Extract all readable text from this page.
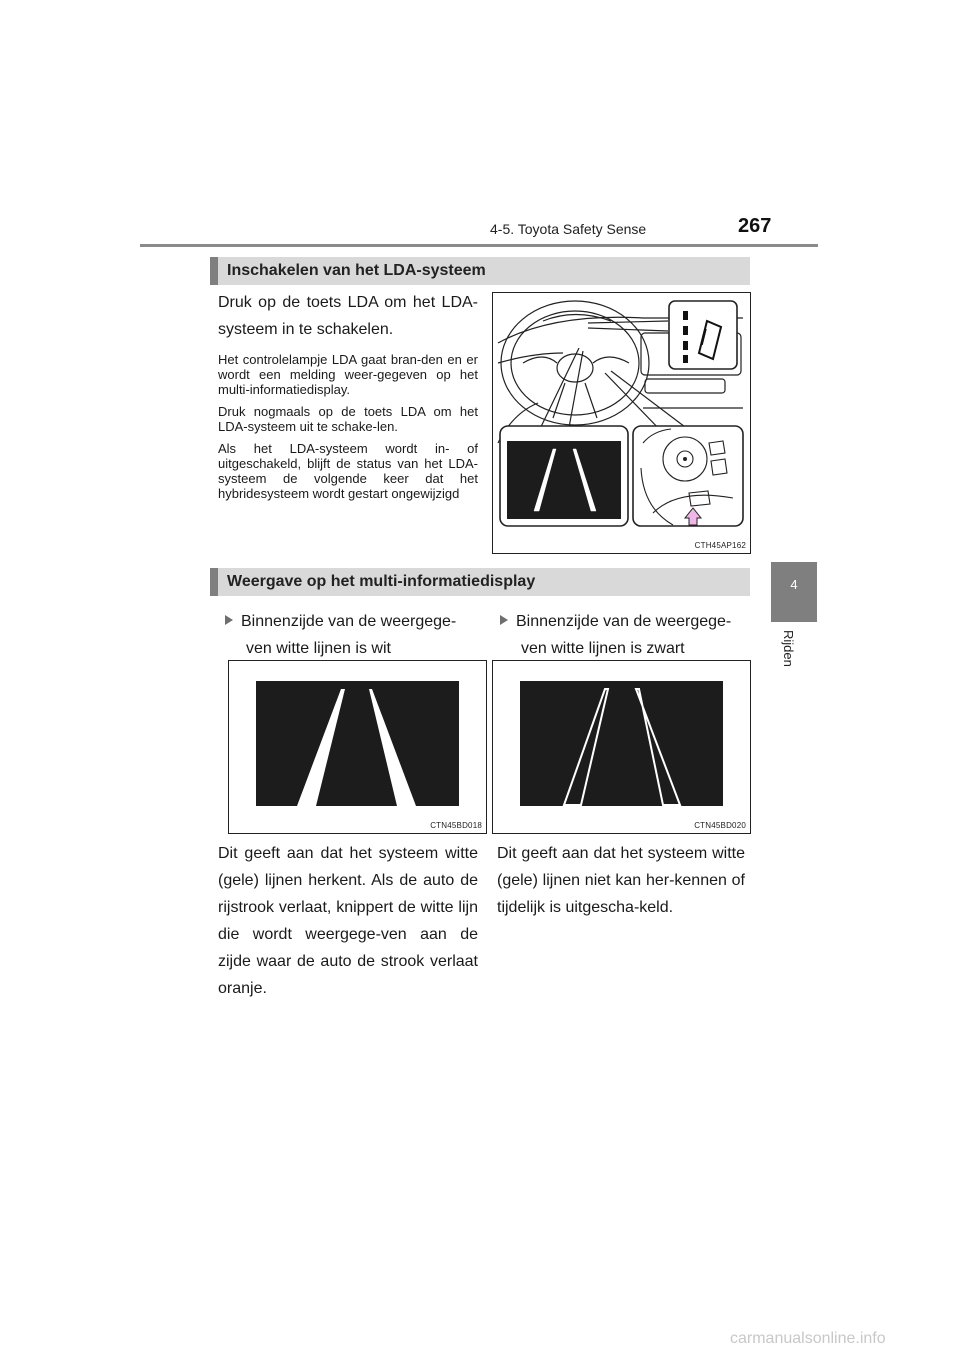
4-5. Toyota Safety Sense	267
4
Rijden
Inschakelen van het LDA-systeem
Druk op de toets LDA om het LDA-systeem in te schakelen.
Het controlelampje LDA gaat bran-den en er wordt een melding weer-gegeven op het multi-informatiedisplay.
Druk nogmaals op de toets LDA om het LDA-systeem uit te schake-len.
Als het LDA-systeem wordt in- of uitgeschakeld, blijft de status van het LDA-systeem de volgende keer dat het hybridesysteem wordt gestart ongewijzigd
CTH45AP162
Weergave op het multi-informatiedisplay
Binnenzijde van de weergege-
ven witte lijnen is wit
Binnenzijde van de weergege-
ven witte lijnen is zwart
CTN45BD018	CTN45BD020
Dit geeft aan dat het systeem witte (gele) lijnen herkent. Als de auto de rijstrook verlaat, knippert de witte lijn die wordt weergege-ven aan de zijde waar de auto de strook verlaat oranje.
Dit geeft aan dat het systeem witte (gele) lijnen niet kan her-kennen of tijdelijk is uitgescha-keld.
carmanualsonline.info
